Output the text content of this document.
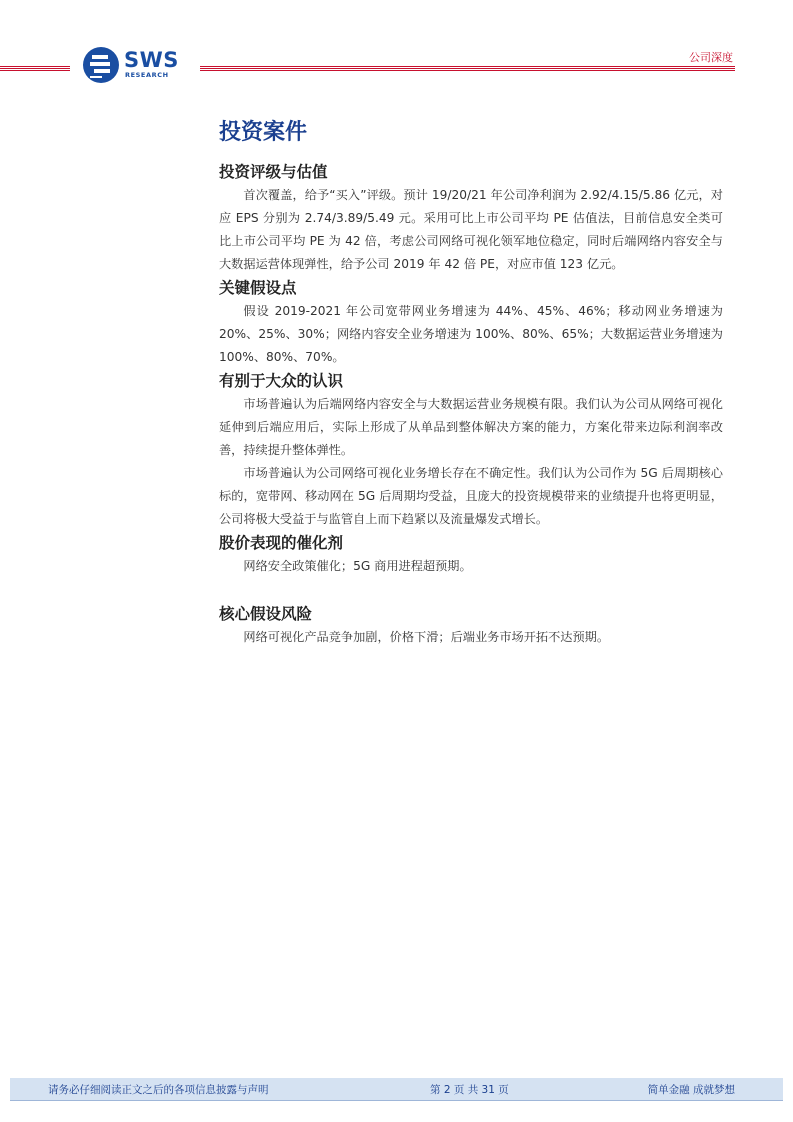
SWS
RESEARCH
公司深度
投资案件
投资评级与估值

首次覆盖，给予“买入”评级。预计 19/20/21 年公司净利润为 2.92/4.15/5.86 亿元，对应 EPS 分别为 2.74/3.89/5.49 元。采用可比上市公司平均 PE 估值法，目前信息安全类可比上市公司平均 PE 为 42 倍，考虑公司网络可视化领军地位稳定，同时后端网络内容安全与大数据运营体现弹性，给予公司 2019 年 42 倍 PE，对应市值 123 亿元。

关键假设点

假设 2019-2021 年公司宽带网业务增速为 44%、45%、46%；移动网业务增速为 20%、25%、30%；网络内容安全业务增速为 100%、80%、65%；大数据运营业务增速为 100%、80%、70%。

有别于大众的认识

市场普遍认为后端网络内容安全与大数据运营业务规模有限。我们认为公司从网络可视化延伸到后端应用后，实际上形成了从单品到整体解决方案的能力，方案化带来边际利润率改善，持续提升整体弹性。

市场普遍认为公司网络可视化业务增长存在不确定性。我们认为公司作为 5G 后周期核心标的，宽带网、移动网在 5G 后周期均受益，且庞大的投资规模带来的业绩提升也将更明显，公司将极大受益于与监管自上而下趋紧以及流量爆发式增长。

股价表现的催化剂

网络安全政策催化；5G 商用进程超预期。

核心假设风险

网络可视化产品竞争加剧，价格下滑；后端业务市场开拓不达预期。

请务必仔细阅读正文之后的各项信息披露与声明	第 2 页 共 31 页	简单金融 成就梦想
